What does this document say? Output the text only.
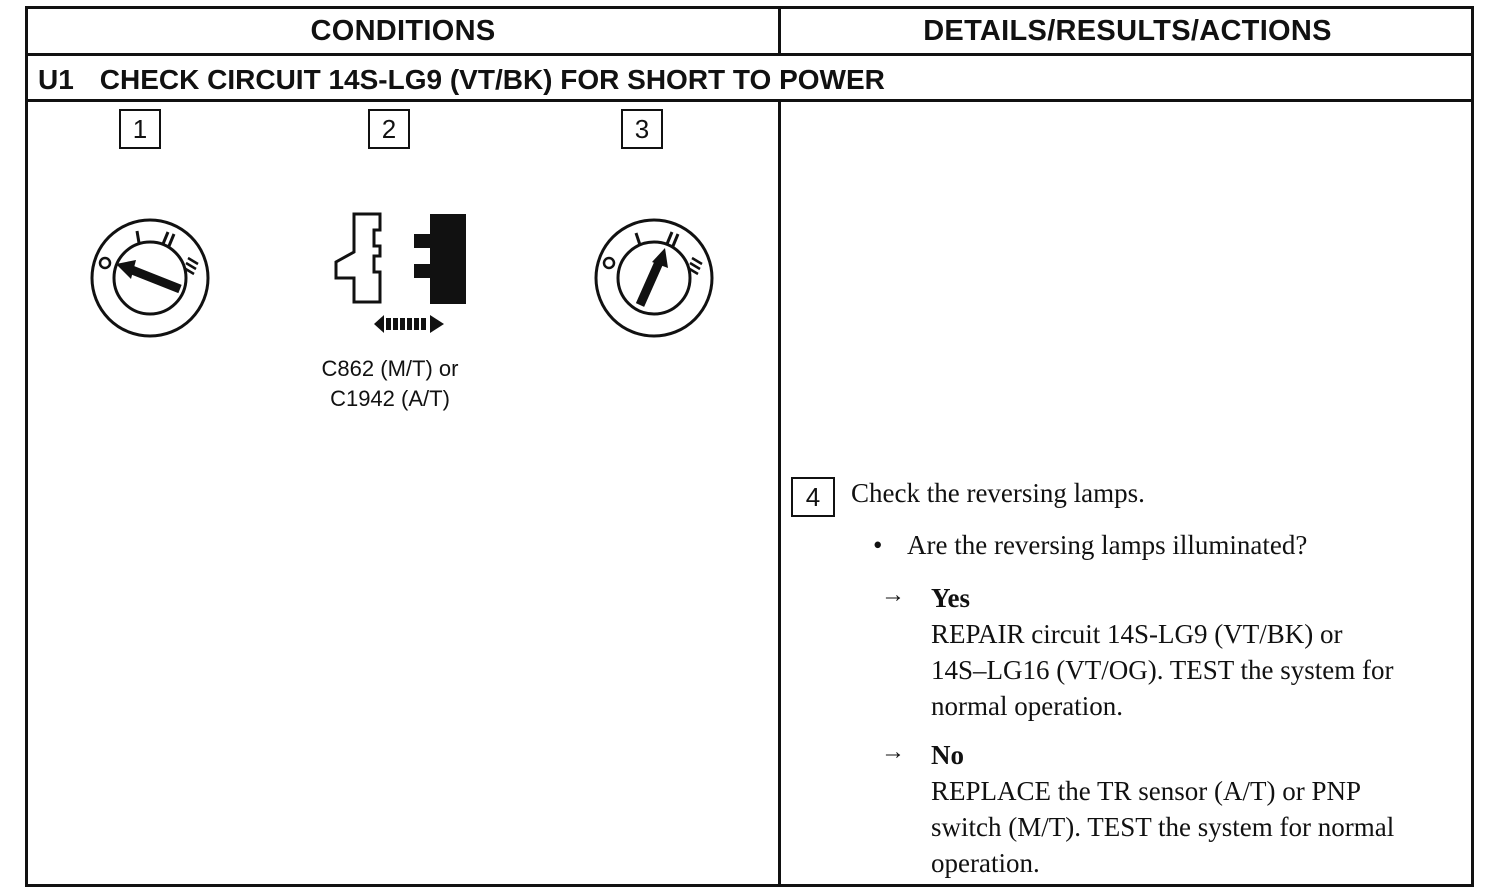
CONDITIONS	DETAILS/RESULTS/ACTIONS
U1 CHECK CIRCUIT 14S-LG9 (VT/BK) FOR SHORT TO POWER
1	2	3
C862 (M/T) or
C1942 (A/T)
4	Check the reversing lamps.
• Are the reversing lamps illuminated?
→ Yes
REPAIR circuit 14S-LG9 (VT/BK) or
14S–LG16 (VT/OG). TEST the system for
normal operation.
→ No
REPLACE the TR sensor (A/T) or PNP
switch (M/T). TEST the system for normal
operation.
